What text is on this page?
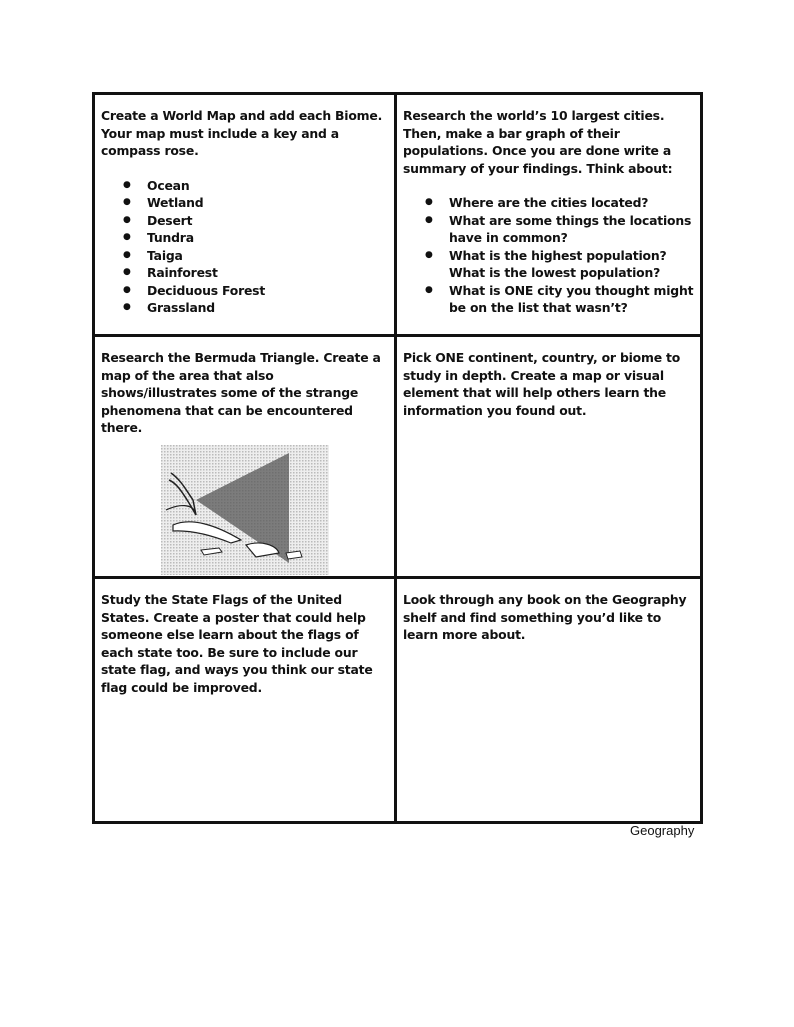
Create a World Map and add each Biome. Your map must include a key and a compass rose.
● Ocean
● Wetland
● Desert
● Tundra
● Taiga
● Rainforest
● Deciduous Forest
● Grassland
Research the world’s 10 largest cities. Then, make a bar graph of their populations. Once you are done write a summary of your findings. Think about:
● Where are the cities located?
● What are some things the locations have in common?
● What is the highest population? What is the lowest population?
● What is ONE city you thought might be on the list that wasn’t?
Research the Bermuda Triangle. Create a map of the area that also shows/illustrates some of the strange phenomena that can be encountered there.
Pick ONE continent, country, or biome to study in depth. Create a map or visual element that will help others learn the information you found out.
Study the State Flags of the United States. Create a poster that could help someone else learn about the flags of each state too. Be sure to include our state flag, and ways you think our state flag could be improved.
Look through any book on the Geography shelf and find something you’d like to learn more about.
Geography
